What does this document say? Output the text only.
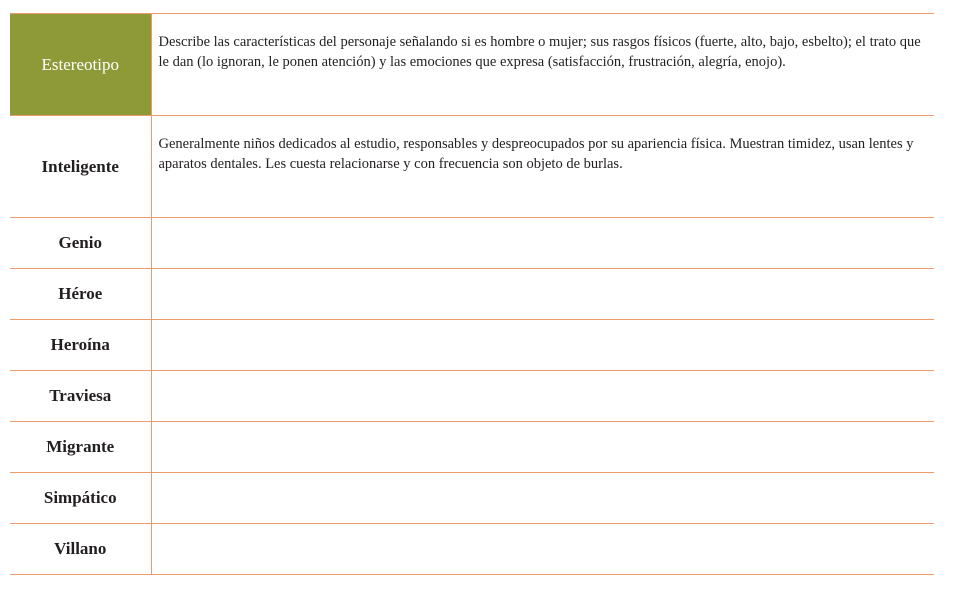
Estereotipo	Describe las características del personaje señalando si es hombre o mujer; sus rasgos físicos (fuerte, alto, bajo, esbelto); el trato que le dan (lo ignoran, le ponen atención) y las emociones que expresa (satisfacción, frustración, alegría, enojo).
Inteligente	Generalmente niños dedicados al estudio, responsables y despreocupados por su apariencia física. Muestran timidez, usan lentes y aparatos dentales. Les cuesta relacionarse y con frecuencia son objeto de burlas.
Genio	
Héroe	
Heroína	
Traviesa	
Migrante	
Simpático	
Villano	
